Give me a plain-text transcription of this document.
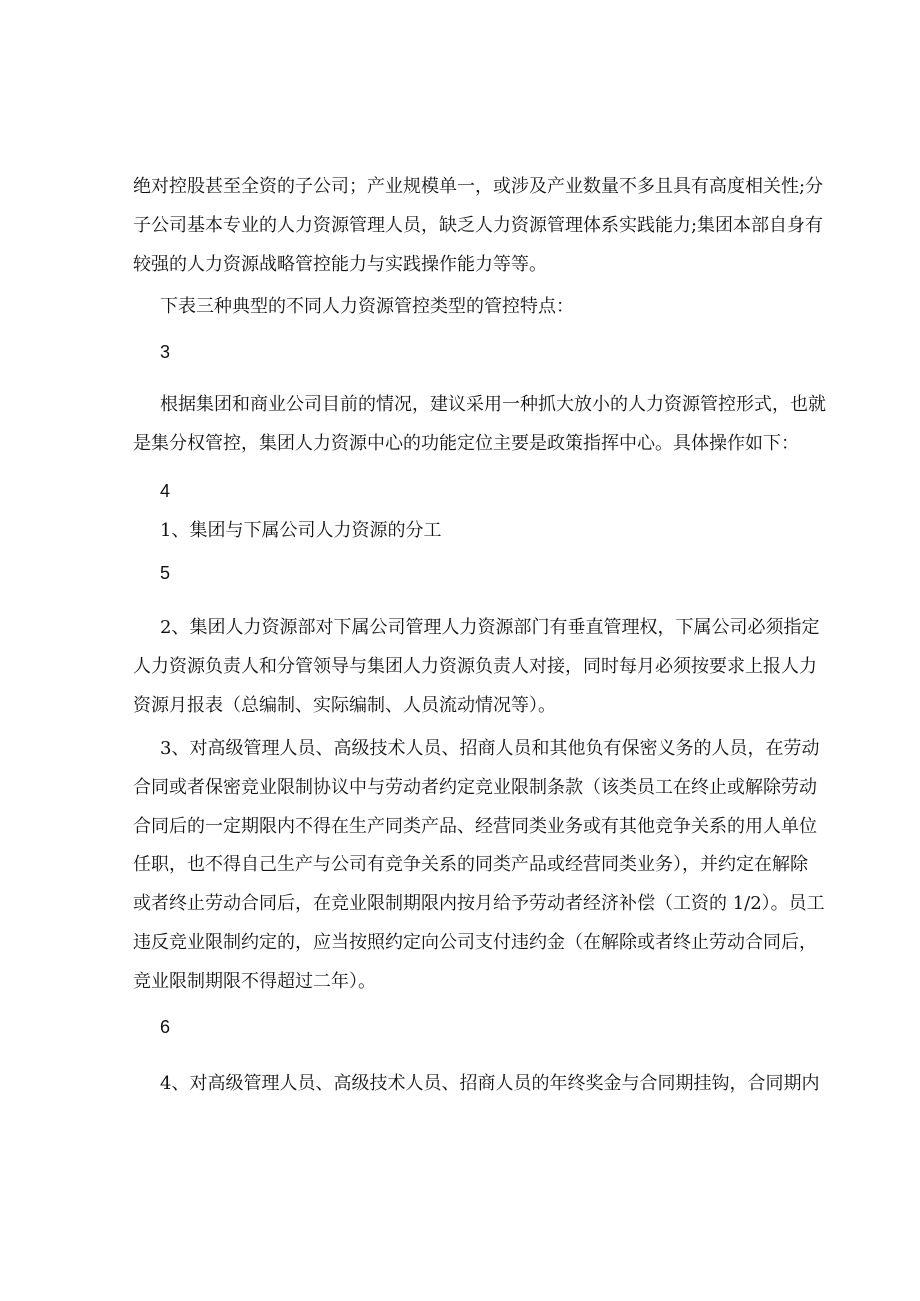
绝对控股甚至全资的子公司；产业规模单一，或涉及产业数量不多且具有高度相关性;分
子公司基本专业的人力资源管理人员，缺乏人力资源管理体系实践能力;集团本部自身有
较强的人力资源战略管控能力与实践操作能力等等。
下表三种典型的不同人力资源管控类型的管控特点：
3
根据集团和商业公司目前的情况，建议采用一种抓大放小的人力资源管控形式，也就
是集分权管控，集团人力资源中心的功能定位主要是政策指挥中心。具体操作如下：
4
1、集团与下属公司人力资源的分工
5
2、集团人力资源部对下属公司管理人力资源部门有垂直管理权，下属公司必须指定
人力资源负责人和分管领导与集团人力资源负责人对接，同时每月必须按要求上报人力
资源月报表（总编制、实际编制、人员流动情况等）。
3、对高级管理人员、高级技术人员、招商人员和其他负有保密义务的人员，在劳动
合同或者保密竞业限制协议中与劳动者约定竞业限制条款（该类员工在终止或解除劳动
合同后的一定期限内不得在生产同类产品、经营同类业务或有其他竞争关系的用人单位
任职，也不得自己生产与公司有竞争关系的同类产品或经营同类业务），并约定在解除
或者终止劳动合同后，在竞业限制期限内按月给予劳动者经济补偿（工资的 1/2）。员工
违反竞业限制约定的，应当按照约定向公司支付违约金（在解除或者终止劳动合同后，
竞业限制期限不得超过二年）。
6
4、对高级管理人员、高级技术人员、招商人员的年终奖金与合同期挂钩，合同期内
